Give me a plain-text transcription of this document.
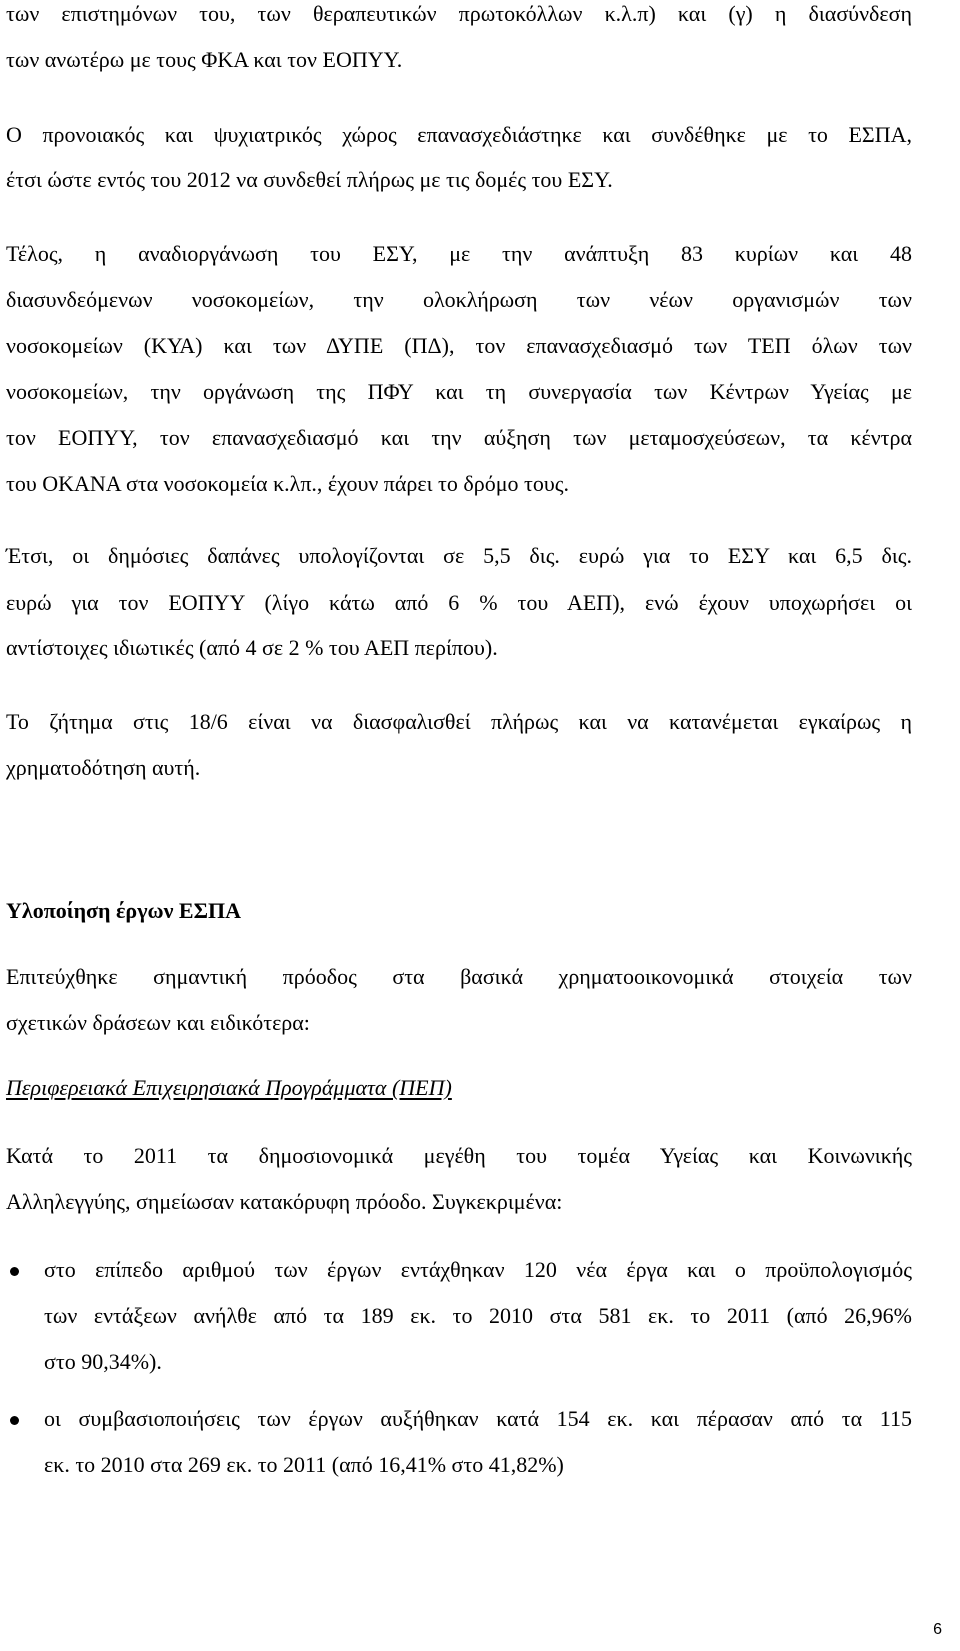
των επιστημόνων του, των θεραπευτικών πρωτοκόλλων κ.λ.π) και (γ) η διασύνδεση
των ανωτέρω με τους ΦΚΑ και τον ΕΟΠΥΥ.
Ο προνοιακός και ψυχιατρικός χώρος επανασχεδιάστηκε και συνδέθηκε με το ΕΣΠΑ,
έτσι ώστε εντός του 2012 να συνδεθεί πλήρως με τις δομές του ΕΣΥ.
Τέλος, η αναδιοργάνωση του ΕΣΥ, με την ανάπτυξη 83 κυρίων και 48
διασυνδεόμενων νοσοκομείων, την ολοκλήρωση των νέων οργανισμών των
νοσοκομείων (ΚΥΑ) και των ΔΥΠΕ (ΠΔ), τον επανασχεδιασμό των ΤΕΠ όλων των
νοσοκομείων, την οργάνωση της ΠΦΥ και τη συνεργασία των Κέντρων Υγείας με
τον ΕΟΠΥΥ, τον επανασχεδιασμό και την αύξηση των μεταμοσχεύσεων, τα κέντρα
του ΟΚΑΝΑ στα νοσοκομεία κ.λπ., έχουν πάρει το δρόμο τους.
Έτσι, οι δημόσιες δαπάνες υπολογίζονται σε 5,5 δις. ευρώ για το ΕΣΥ και 6,5 δις.
ευρώ για τον ΕΟΠΥΥ (λίγο κάτω από 6 % του ΑΕΠ), ενώ έχουν υποχωρήσει οι
αντίστοιχες ιδιωτικές (από 4 σε 2 % του ΑΕΠ περίπου).
Το ζήτημα στις 18/6 είναι να διασφαλισθεί πλήρως και να κατανέμεται εγκαίρως η
χρηματοδότηση αυτή.
Υλοποίηση έργων ΕΣΠΑ
Επιτεύχθηκε σημαντική πρόοδος στα βασικά χρηματοοικονομικά στοιχεία των
σχετικών δράσεων και ειδικότερα:
Περιφερειακά Επιχειρησιακά Προγράμματα (ΠΕΠ)
Κατά το 2011 τα δημοσιονομικά μεγέθη του τομέα Υγείας και Κοινωνικής
Αλληλεγγύης, σημείωσαν κατακόρυφη πρόοδο. Συγκεκριμένα:
στο επίπεδο αριθμού των έργων εντάχθηκαν 120 νέα έργα και ο προϋπολογισμός
των εντάξεων ανήλθε από τα 189 εκ. το 2010 στα 581 εκ. το 2011 (από 26,96%
στο 90,34%).
οι συμβασιοποιήσεις των έργων αυξήθηκαν κατά 154 εκ. και πέρασαν από τα 115
εκ. το 2010 στα 269 εκ. το 2011 (από 16,41% στο 41,82%)
6
